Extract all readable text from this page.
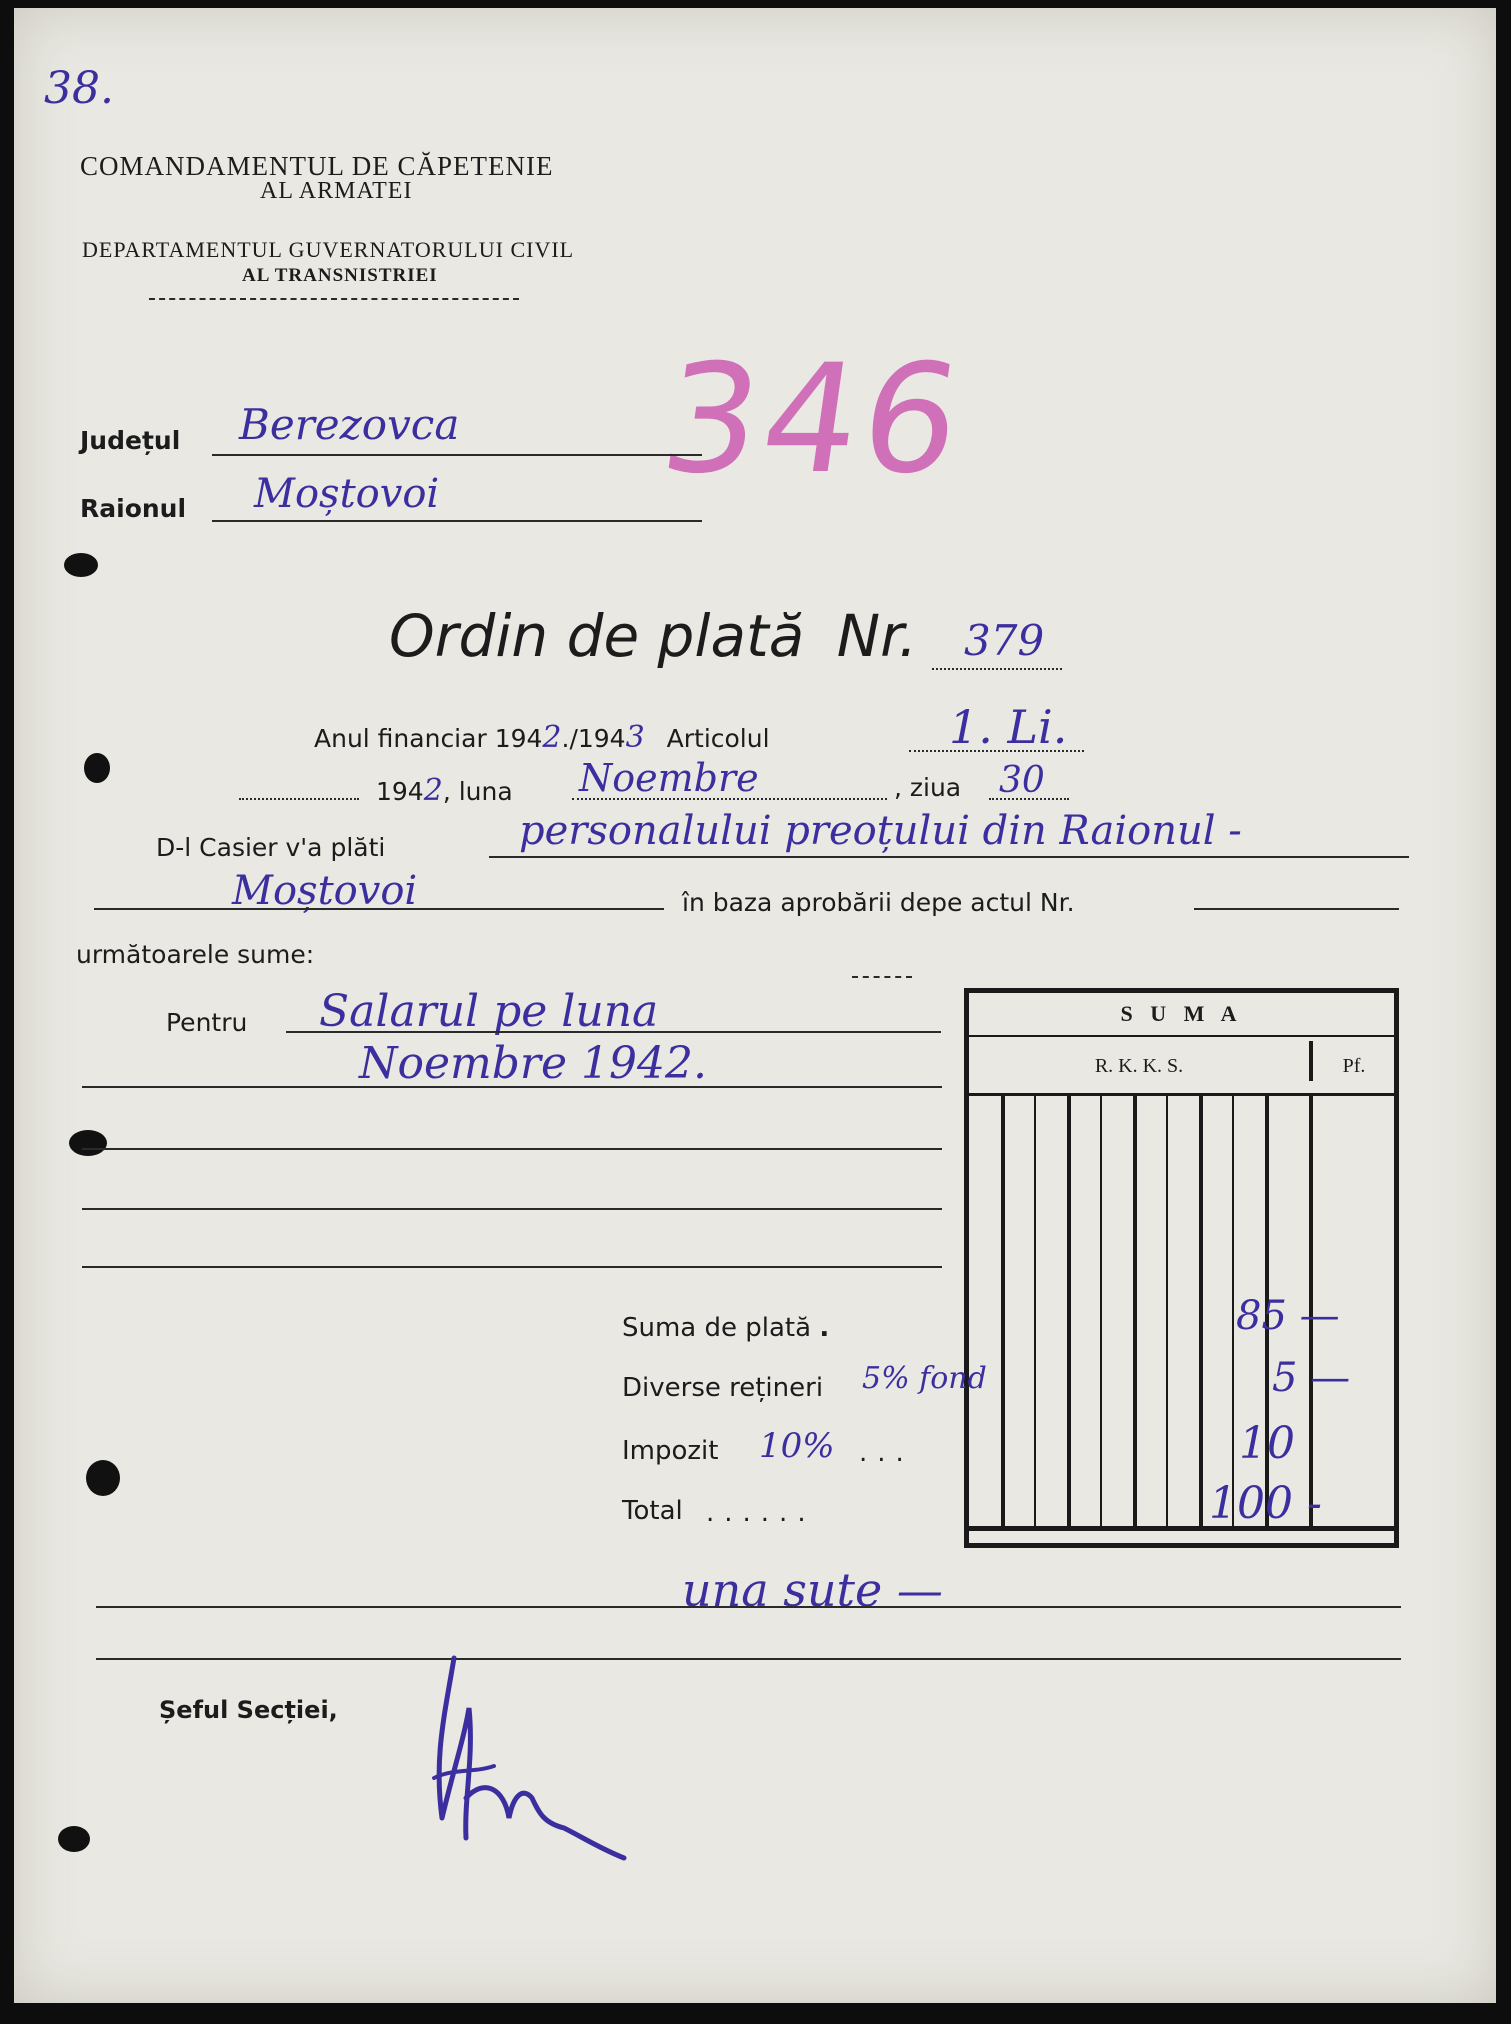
38.
COMANDAMENTUL DE CĂPETENIE
AL ARMATEI
DEPARTAMENTUL GUVERNATORULUI CIVIL
AL TRANSNISTRIEI
346
Județul Berezovca
Raionul Moștovoi
Ordin de plată Nr. 379
Anul financiar 1942./1943 Articolul	1. Li.
1942, luna Noembre	, ziua 30
D-l Casier v'a plăti	personalului preoțului din Raionul -
Moștovoi	în baza aprobării depe actul Nr.
următoarele sume:
Pentru Salarul pe luna
Noembre 1942.
S U M A
R. K. K. S.	Pf.
Suma de plată .	85 —
Diverse rețineri 5% fond	5 —
Impozit 10% ...	10
Total ......	100 -
una sute —
Șeful Secției,
